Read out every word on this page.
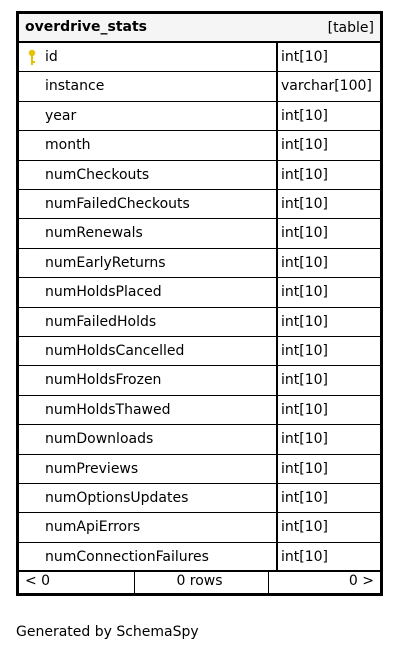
overdrive_stats	[table]
id	int[10]
instance	varchar[100]
year	int[10]
month	int[10]
numCheckouts	int[10]
numFailedCheckouts	int[10]
numRenewals	int[10]
numEarlyReturns	int[10]
numHoldsPlaced	int[10]
numFailedHolds	int[10]
numHoldsCancelled	int[10]
numHoldsFrozen	int[10]
numHoldsThawed	int[10]
numDownloads	int[10]
numPreviews	int[10]
numOptionsUpdates	int[10]
numApiErrors	int[10]
numConnectionFailures	int[10]
< 0	0 rows	0 >
Generated by SchemaSpy
